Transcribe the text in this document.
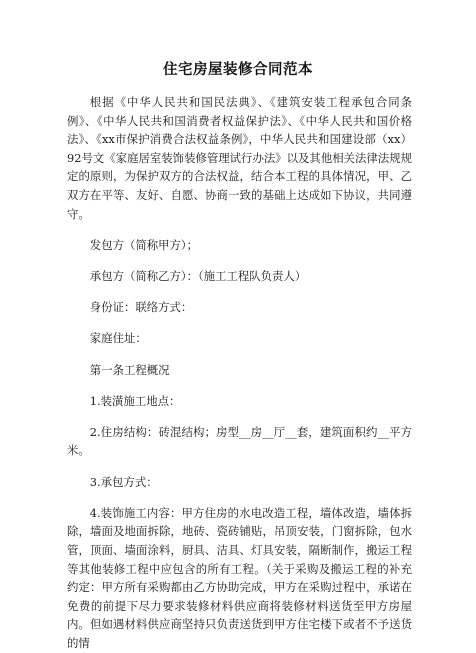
住宅房屋装修合同范本

根据《中华人民共和国民法典》、《建筑安装工程承包合同条例》、《中华人民共和国消费者权益保护法》、《中华人民共和国价格法》、《xx市保护消费合法权益条例》，中华人民共和国建设部（xx）92号文《家庭居室装饰装修管理试行办法》以及其他相关法律法规规定的原则，为保护双方的合法权益，结合本工程的具体情况，甲、乙双方在平等、友好、自愿、协商一致的基础上达成如下协议，共同遵守。

发包方（简称甲方）；

承包方（简称乙方）：（施工工程队负责人）

身份证：联络方式：

家庭住址：

第一条工程概况

1.装潢施工地点：

2.住房结构：砖混结构；房型__房__厅__套，建筑面积约__平方米。

3.承包方式：

4.装饰施工内容：甲方住房的水电改造工程，墙体改造，墙体拆除，墙面及地面拆除，地砖、瓷砖铺贴，吊顶安装，门窗拆除，包水管，顶面、墙面涂料，厨具、洁具、灯具安装，隔断制作，搬运工程等其他装修工程中应包含的所有工程。（关于采购及搬运工程的补充约定：甲方所有采购都由乙方协助完成，甲方在采购过程中，承诺在免费的前提下尽力要求装修材料供应商将装修材料送货至甲方房屋内。但如遇材料供应商坚持只负责送货到甲方住宅楼下或者不予送货的情
